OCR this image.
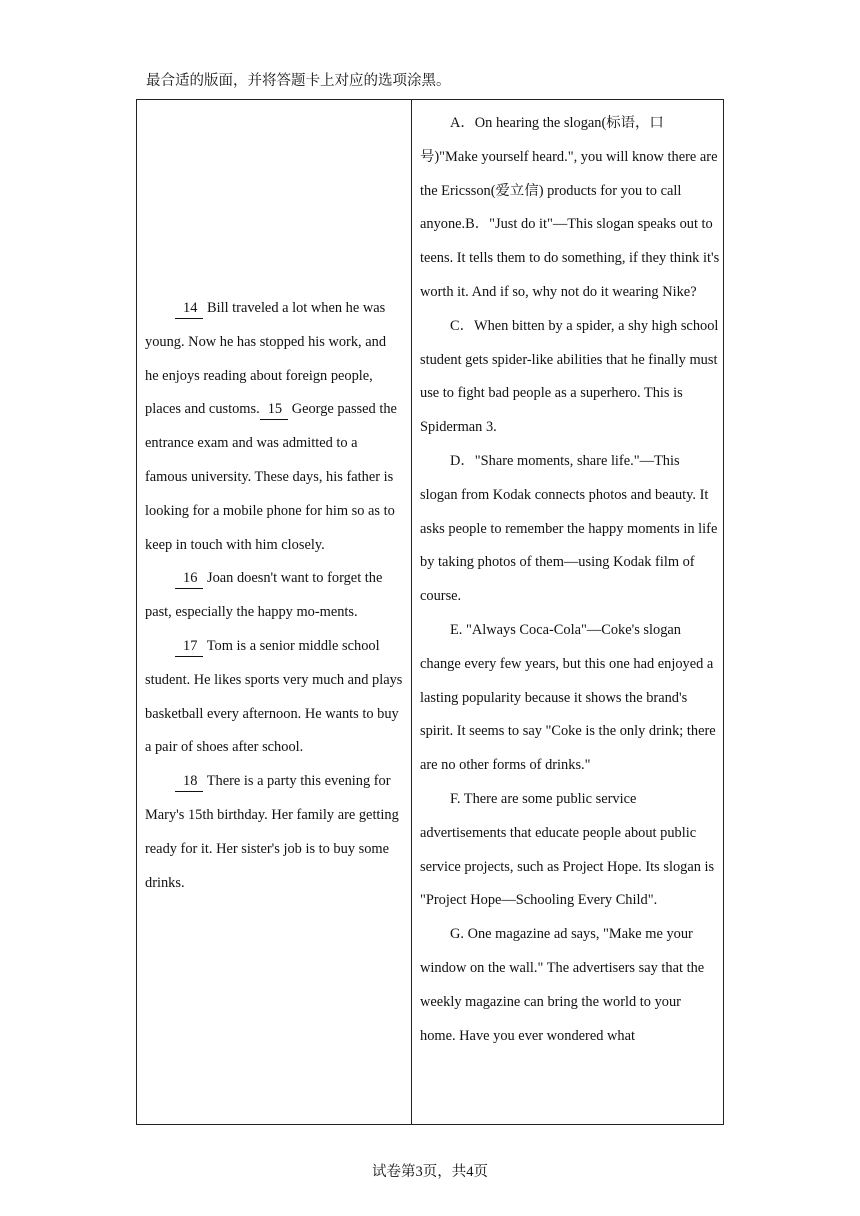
最合适的版面，并将答题卡上对应的选项涂黑。

14 Bill traveled a lot when he was young. Now he has stopped his work, and he enjoys reading about foreign people, places and customs. 15 George passed the entrance exam and was admitted to a famous university. These days, his father is looking for a mobile phone for him so as to keep in touch with him closely.

16 Joan doesn't want to forget the past, especially the happy mo-ments.

17 Tom is a senior middle school student. He likes sports very much and plays basketball every afternoon. He wants to buy a pair of shoes after school.

18 There is a party this evening for Mary's 15th birthday. Her family are getting ready for it. Her sister's job is to buy some drinks.

A．On hearing the slogan(标语，口号)"Make yourself heard.", you will know there are the Ericsson(爱立信) products for you to call anyone.B．"Just do it"—This slogan speaks out to teens. It tells them to do something, if they think it's worth it. And if so, why not do it wearing Nike?

C．When bitten by a spider, a shy high school student gets spider-like abilities that he finally must use to fight bad people as a superhero. This is Spiderman 3.

D．"Share moments, share life."—This slogan from Kodak connects photos and beauty. It asks people to remember the happy moments in life by taking photos of them—using Kodak film of course.

E. "Always Coca-Cola"—Coke's slogan change every few years, but this one had enjoyed a lasting popularity because it shows the brand's spirit. It seems to say "Coke is the only drink; there are no other forms of drinks."

F. There are some public service advertisements that educate people about public service projects, such as Project Hope. Its slogan is "Project Hope—Schooling Every Child".

G. One magazine ad says, "Make me your window on the wall." The advertisers say that the weekly magazine can bring the world to your home. Have you ever wondered what

试卷第3页，共4页
